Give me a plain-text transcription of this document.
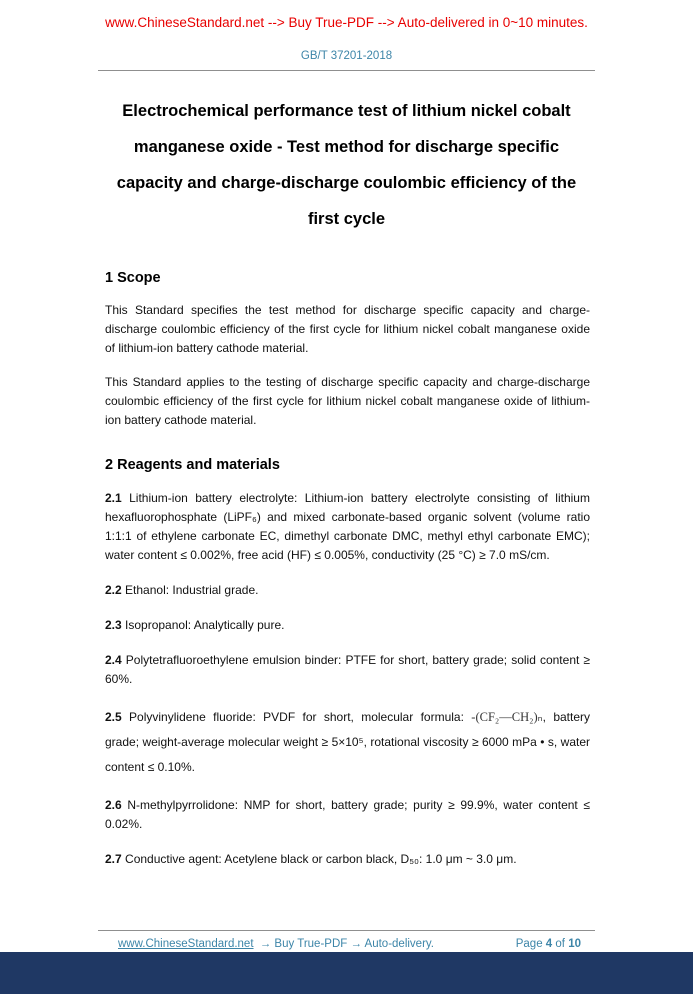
www.ChineseStandard.net --> Buy True-PDF --> Auto-delivered in 0~10 minutes.
GB/T 37201-2018
Electrochemical performance test of lithium nickel cobalt manganese oxide - Test method for discharge specific capacity and charge-discharge coulombic efficiency of the first cycle
1 Scope

This Standard specifies the test method for discharge specific capacity and charge-discharge coulombic efficiency of the first cycle for lithium nickel cobalt manganese oxide of lithium-ion battery cathode material.

This Standard applies to the testing of discharge specific capacity and charge-discharge coulombic efficiency of the first cycle for lithium nickel cobalt manganese oxide of lithium-ion battery cathode material.

2 Reagents and materials

2.1 Lithium-ion battery electrolyte: Lithium-ion battery electrolyte consisting of lithium hexafluorophosphate (LiPF₆) and mixed carbonate-based organic solvent (volume ratio 1:1:1 of ethylene carbonate EC, dimethyl carbonate DMC, methyl ethyl carbonate EMC); water content ≤ 0.002%, free acid (HF) ≤ 0.005%, conductivity (25 °C) ≥ 7.0 mS/cm.

2.2 Ethanol: Industrial grade.

2.3 Isopropanol: Analytically pure.

2.4 Polytetrafluoroethylene emulsion binder: PTFE for short, battery grade; solid content ≥ 60%.

2.5 Polyvinylidene fluoride: PVDF for short, molecular formula: -(CF₂—CH₂)ₙ, battery grade; weight-average molecular weight ≥ 5×10⁵, rotational viscosity ≥ 6000 mPa • s, water content ≤ 0.10%.

2.6 N-methylpyrrolidone: NMP for short, battery grade; purity ≥ 99.9%, water content ≤ 0.02%.

2.7 Conductive agent: Acetylene black or carbon black, D₅₀: 1.0 μm ~ 3.0 μm.

www.ChineseStandard.net → Buy True-PDF → Auto-delivery.	Page 4 of 10
